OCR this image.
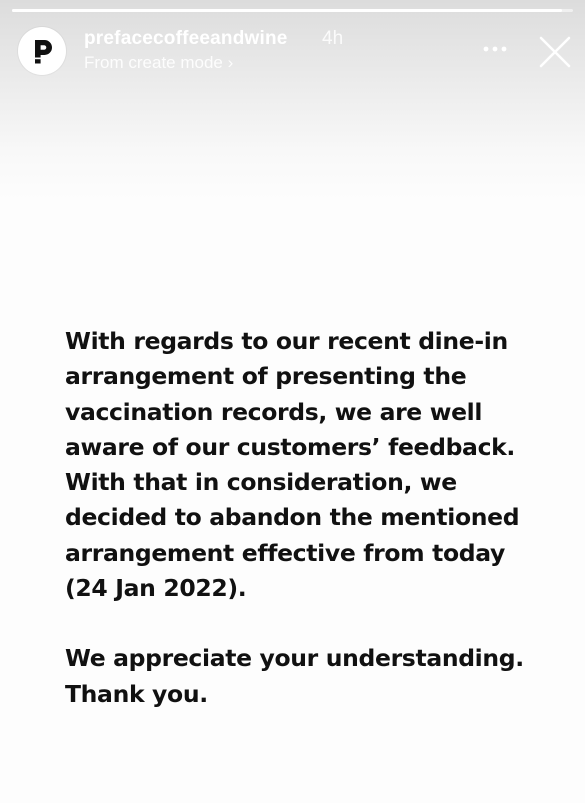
prefacecoffeeandwine 4h
From create mode ›
With regards to our recent dine-in
arrangement of presenting the
vaccination records, we are well
aware of our customers’ feedback.
With that in consideration, we
decided to abandon the mentioned
arrangement effective from today
(24 Jan 2022).
We appreciate your understanding.
Thank you.
